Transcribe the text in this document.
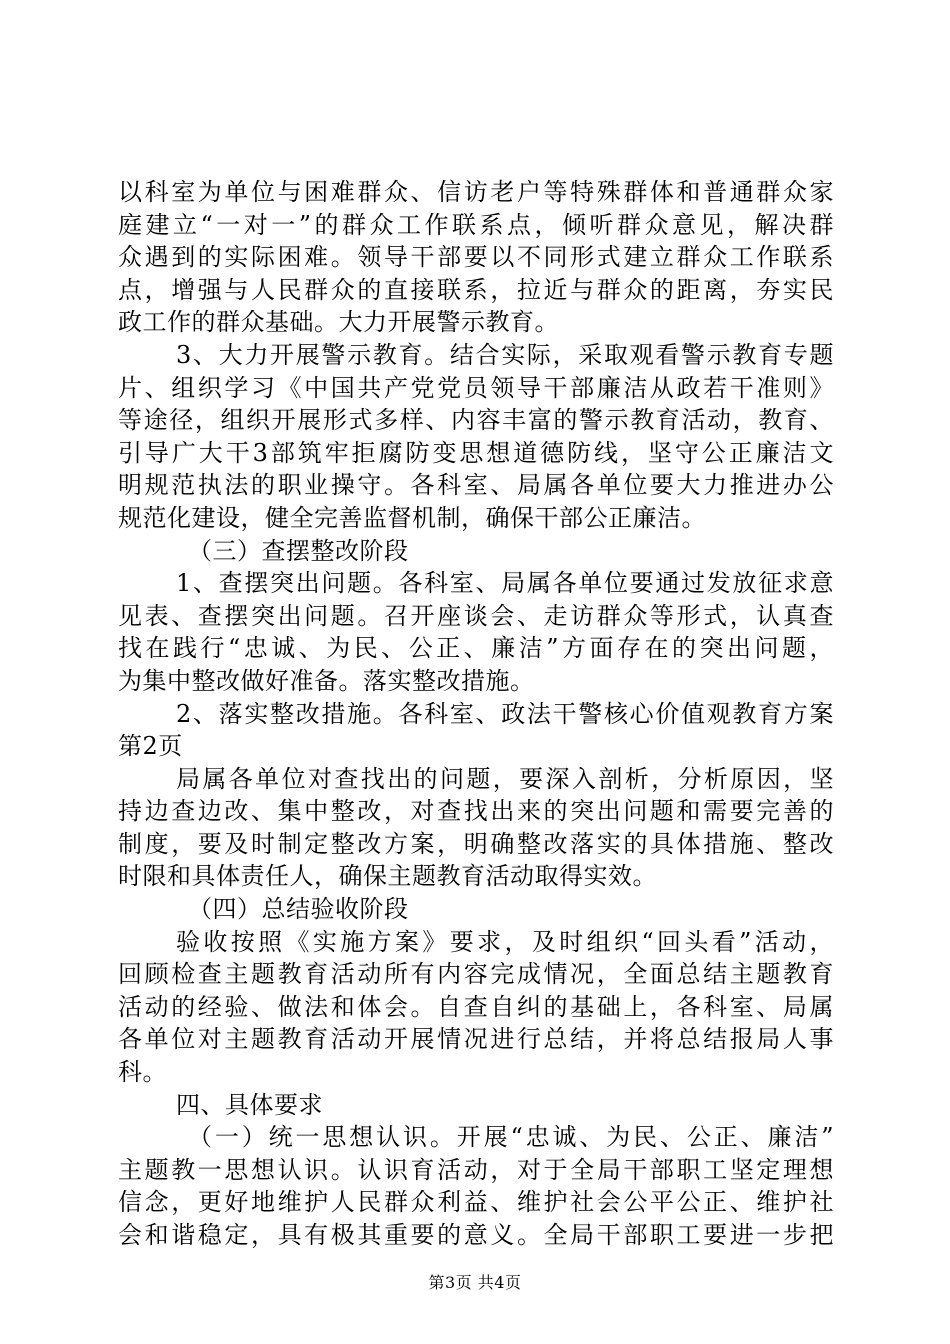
以科室为单位与困难群众、信访老户等特殊群体和普通群众家
庭建立“一对一”的群众工作联系点，倾听群众意见，解决群
众遇到的实际困难。领导干部要以不同形式建立群众工作联系
点，增强与人民群众的直接联系，拉近与群众的距离，夯实民
政工作的群众基础。大力开展警示教育。
3、大力开展警示教育。结合实际，采取观看警示教育专题
片、组织学习《中国共产党党员领导干部廉洁从政若干准则》
等途径，组织开展形式多样、内容丰富的警示教育活动，教育、
引导广大干3部筑牢拒腐防变思想道德防线，坚守公正廉洁文
明规范执法的职业操守。各科室、局属各单位要大力推进办公
规范化建设，健全完善监督机制，确保干部公正廉洁。
（三）查摆整改阶段
1、查摆突出问题。各科室、局属各单位要通过发放征求意
见表、查摆突出问题。召开座谈会、走访群众等形式，认真查
找在践行“忠诚、为民、公正、廉洁”方面存在的突出问题，
为集中整改做好准备。落实整改措施。
2、落实整改措施。各科室、政法干警核心价值观教育方案
第2页
局属各单位对查找出的问题，要深入剖析，分析原因，坚
持边查边改、集中整改，对查找出来的突出问题和需要完善的
制度，要及时制定整改方案，明确整改落实的具体措施、整改
时限和具体责任人，确保主题教育活动取得实效。
（四）总结验收阶段
验收按照《实施方案》要求，及时组织“回头看”活动，
回顾检查主题教育活动所有内容完成情况，全面总结主题教育
活动的经验、做法和体会。自查自纠的基础上，各科室、局属
各单位对主题教育活动开展情况进行总结，并将总结报局人事
科。
四、具体要求
（一）统一思想认识。开展“忠诚、为民、公正、廉洁”
主题教一思想认识。认识育活动，对于全局干部职工坚定理想
信念，更好地维护人民群众利益、维护社会公平公正、维护社
会和谐稳定，具有极其重要的意义。全局干部职工要进一步把
第3页 共4页
